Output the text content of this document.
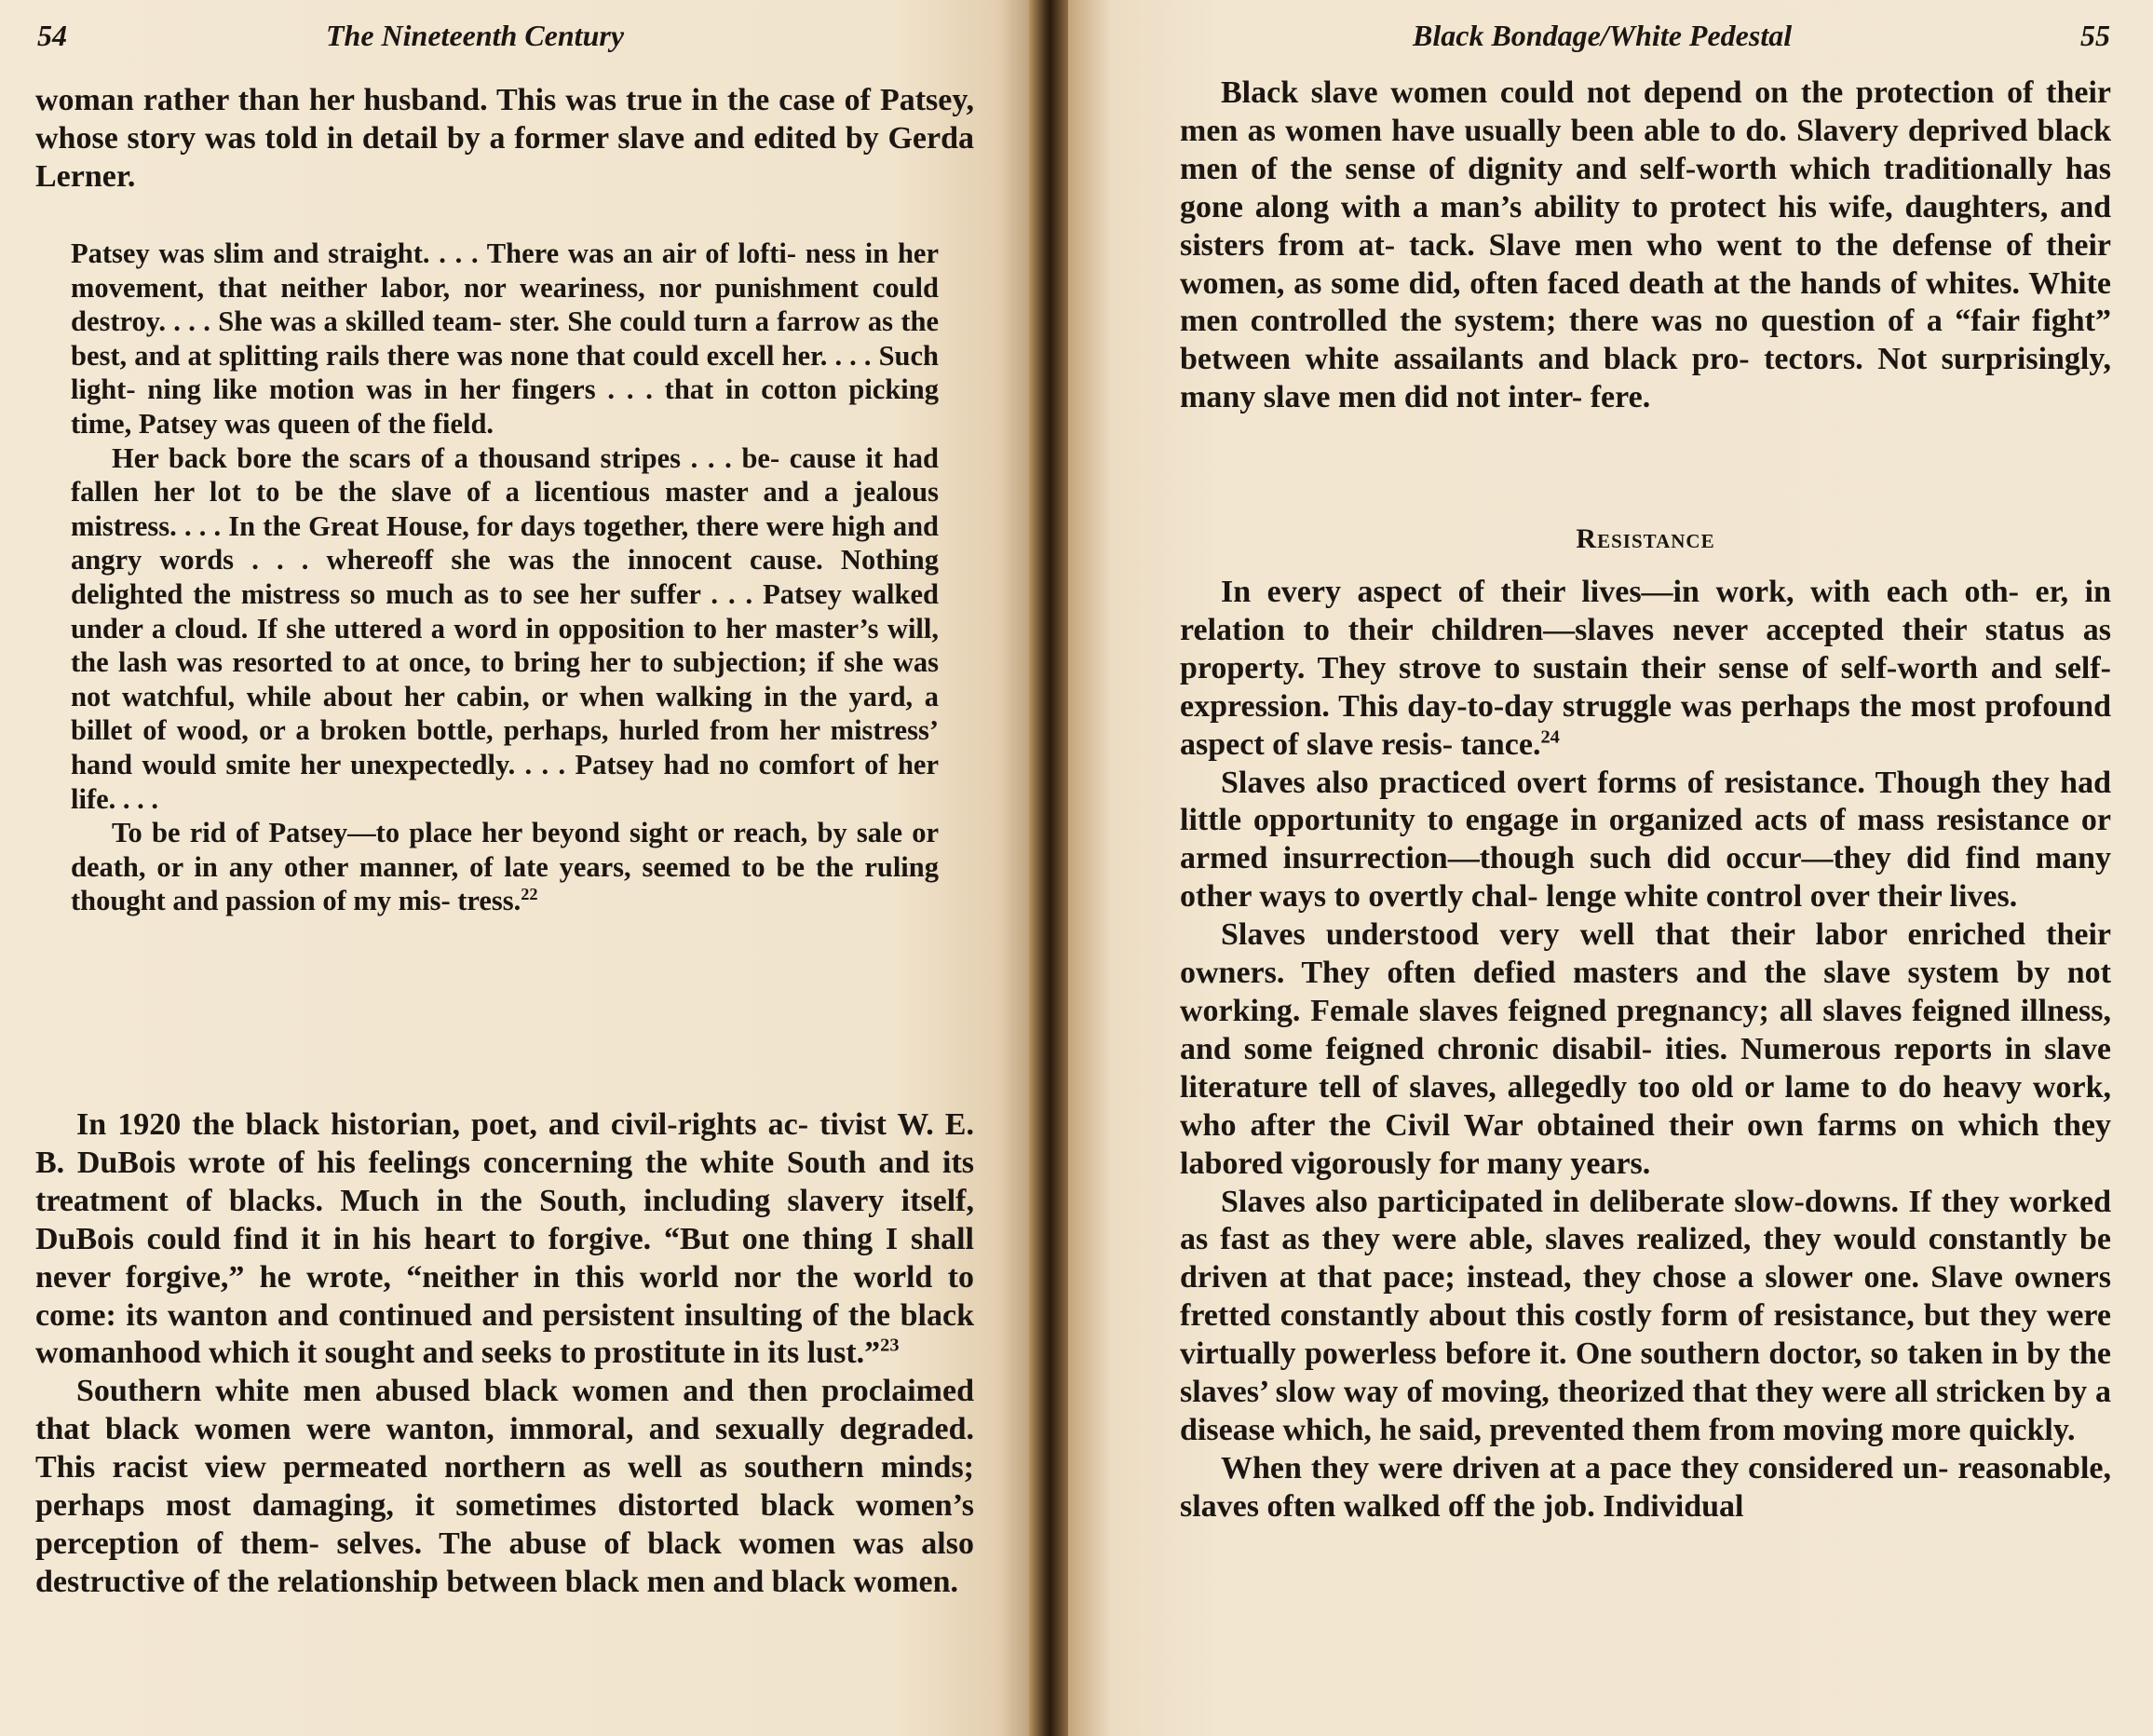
54	The Nineteenth Century

woman rather than her husband. This was true in the case of Patsey, whose story was told in detail by a former slave and edited by Gerda Lerner.

Patsey was slim and straight. . . . There was an air of lofti- ness in her movement, that neither labor, nor weariness, nor punishment could destroy. . . . She was a skilled team- ster. She could turn a farrow as the best, and at splitting rails there was none that could excell her. . . . Such light- ning like motion was in her fingers . . . that in cotton picking time, Patsey was queen of the field.

Her back bore the scars of a thousand stripes . . . be- cause it had fallen her lot to be the slave of a licentious master and a jealous mistress. . . . In the Great House, for days together, there were high and angry words . . . whereoff she was the innocent cause. Nothing delighted the mistress so much as to see her suffer . . . Patsey walked under a cloud. If she uttered a word in opposition to her master’s will, the lash was resorted to at once, to bring her to subjection; if she was not watchful, while about her cabin, or when walking in the yard, a billet of wood, or a broken bottle, perhaps, hurled from her mistress’ hand would smite her unexpectedly. . . . Patsey had no comfort of her life. . . .

To be rid of Patsey—to place her beyond sight or reach, by sale or death, or in any other manner, of late years, seemed to be the ruling thought and passion of my mis- tress.$^{22}$

In 1920 the black historian, poet, and civil-rights ac- tivist W. E. B. DuBois wrote of his feelings concerning the white South and its treatment of blacks. Much in the South, including slavery itself, DuBois could find it in his heart to forgive. “But one thing I shall never forgive,” he wrote, “neither in this world nor the world to come: its wanton and continued and persistent insulting of the black womanhood which it sought and seeks to prostitute in its lust.”$^{23}$

Southern white men abused black women and then proclaimed that black women were wanton, immoral, and sexually degraded. This racist view permeated northern as well as southern minds; perhaps most damaging, it sometimes distorted black women’s perception of them- selves. The abuse of black women was also destructive of the relationship between black men and black women.

Black Bondage/White Pedestal	55

Black slave women could not depend on the protection of their men as women have usually been able to do. Slavery deprived black men of the sense of dignity and self-worth which traditionally has gone along with a man’s ability to protect his wife, daughters, and sisters from at- tack. Slave men who went to the defense of their women, as some did, often faced death at the hands of whites. White men controlled the system; there was no question of a “fair fight” between white assailants and black pro- tectors. Not surprisingly, many slave men did not inter- fere.

Resistance

In every aspect of their lives—in work, with each oth- er, in relation to their children—slaves never accepted their status as property. They strove to sustain their sense of self-worth and self-expression. This day-to-day struggle was perhaps the most profound aspect of slave resis- tance.$^{24}$

Slaves also practiced overt forms of resistance. Though they had little opportunity to engage in organized acts of mass resistance or armed insurrection—though such did occur—they did find many other ways to overtly chal- lenge white control over their lives.

Slaves understood very well that their labor enriched their owners. They often defied masters and the slave system by not working. Female slaves feigned pregnancy; all slaves feigned illness, and some feigned chronic disabil- ities. Numerous reports in slave literature tell of slaves, allegedly too old or lame to do heavy work, who after the Civil War obtained their own farms on which they labored vigorously for many years.

Slaves also participated in deliberate slow-downs. If they worked as fast as they were able, slaves realized, they would constantly be driven at that pace; instead, they chose a slower one. Slave owners fretted constantly about this costly form of resistance, but they were virtually powerless before it. One southern doctor, so taken in by the slaves’ slow way of moving, theorized that they were all stricken by a disease which, he said, prevented them from moving more quickly.

When they were driven at a pace they considered un- reasonable, slaves often walked off the job. Individual
